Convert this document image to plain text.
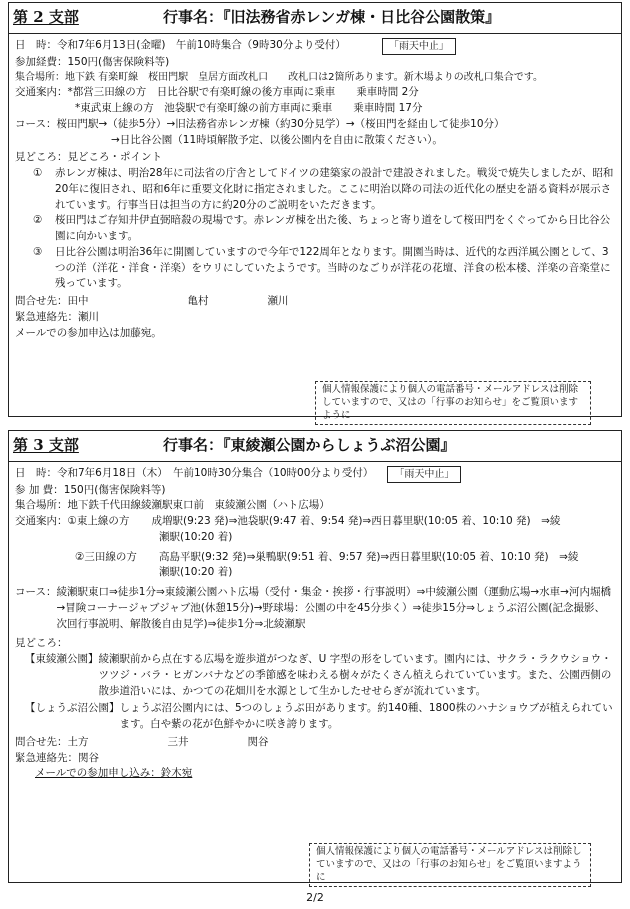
第 2 支部	行事名：『旧法務省赤レンガ棟・日比谷公園散策』
日　時： 令和7年6月13日(金曜)　午前10時集合（9時30分より受付）	「雨天中止」
参加経費： 150円(傷害保険料等)
集合場所： 地下鉄 有楽町線　桜田門駅　皇居方面改札口　　改札口は2箇所あります。新木場よりの改札口集合です。
交通案内： *都営三田線の方　日比谷駅で有楽町線の後方車両に乗車　　乗車時間 2分
*東武東上線の方　池袋駅で有楽町線の前方車両に乗車　　乗車時間 17分
コース： 桜田門駅→（徒歩5分）→旧法務省赤レンガ棟（約30分見学）→（桜田門を経由して徒歩10分）
→日比谷公園（11時頃解散予定、以後公園内を自由に散策ください）。
見どころ： 見どころ・ポイント
①	赤レンガ棟は、明治28年に司法省の庁舎としてドイツの建築家の設計で建設されました。戦災で焼失しましたが、昭和20年に復旧され、昭和6年に重要文化財に指定されました。ここに明治以降の司法の近代化の歴史を語る資料が展示されています。行事当日は担当の方に約20分のご説明をいただきます。
②	桜田門はご存知井伊直弼暗殺の現場です。赤レンガ棟を出た後、ちょっと寄り道をして桜田門をくぐってから日比谷公園に向かいます。
③	日比谷公園は明治36年に開園していますので今年で122周年となります。開園当時は、近代的な西洋風公園として、3つの洋（洋花・洋食・洋楽）をウリにしていたようです。当時のなごりが洋花の花壇、洋食の松本楼、洋楽の音楽堂に残っています。
問合せ先： 田中	亀村	瀬川
緊急連絡先： 瀬川
メールでの参加申込は加藤宛。
個人情報保護により個人の電話番号・メールアドレスは削除していますので、又はの「行事のお知らせ」をご覧頂いますように
第 3 支部	行事名：『東綾瀬公園からしょうぶ沼公園』
日　時： 令和7年6月18日（木）　午前10時30分集合（10時00分より受付）	「雨天中止」
参 加 費： 150円(傷害保険料等)
集合場所： 地下鉄千代田線綾瀬駅東口前　東綾瀬公園（ハト広場）
交通案内： ①東上線の方	成増駅(9:23 発)⇒池袋駅(9:47 着、9:54 発)⇒西日暮里駅(10:05 着、10:10 発)　⇒綾
瀬駅(10:20 着)
②三田線の方	高島平駅(9:32 発)⇒巣鴨駅(9:51 着、9:57 発)⇒西日暮里駅(10:05 着、10:10 発)　⇒綾
瀬駅(10:20 着)
コース： 綾瀬駅東口⇒徒歩1分⇒東綾瀬公園ハト広場（受付・集金・挨拶・行事説明）⇒中綾瀬公園（運動広場→水車→河内堀橋→冒険コーナージャブジャブ池(休憩15分)→野球場：公園の中を45分歩く）⇒徒歩15分⇒しょうぶ沼公園(記念撮影、次回行事説明、解散後自由見学)⇒徒歩1分⇒北綾瀬駅
見どころ：
【東綾瀬公園】 綾瀬駅前から点在する広場を遊歩道がつなぎ、U 字型の形をしています。園内には、サクラ・ラクウショウ・ツツジ・バラ・ヒガンバナなどの季節感を味わえる樹々がたくさん植えられていています。また、公園西側の散歩道沿いには、かつての花畑川を水源として生かしたせせらぎが流れています。
【しょうぶ沼公園】 しょうぶ沼公園内には、5つのしょうぶ田があります。約140種、1800株のハナショウブが植えられています。白や紫の花が色鮮やかに咲き誇ります。
問合せ先： 土方	三井	関谷
緊急連絡先： 関谷
メールでの参加申し込み：鈴木宛
個人情報保護により個人の電話番号・メールアドレスは削除していますので、又はの「行事のお知らせ」をご覧頂いますように
2/2
